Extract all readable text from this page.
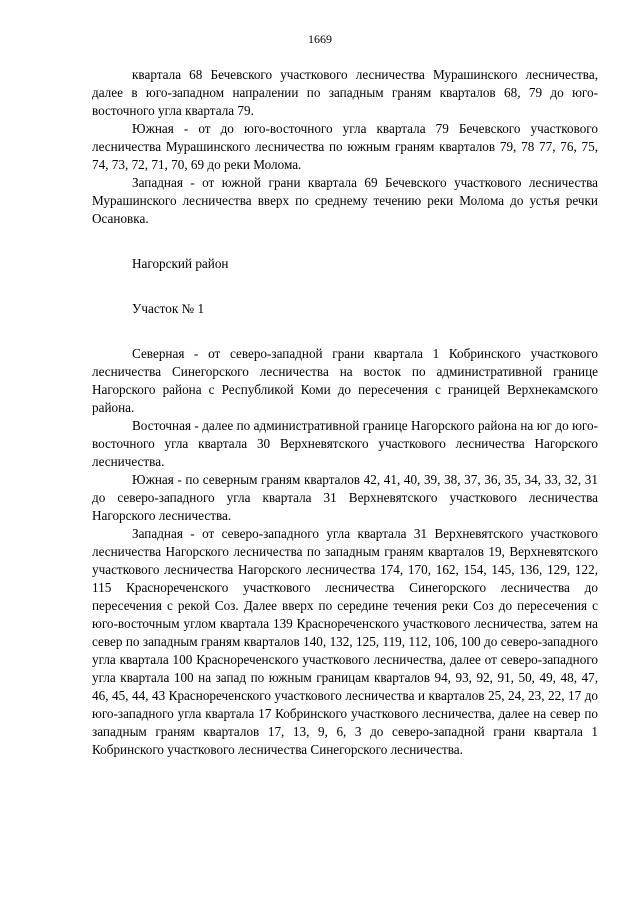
1669

квартала 68 Бечевского участкового лесничества Мурашинского лесничества, далее в юго-западном напралении по западным граням кварталов 68, 79 до юго-восточного угла квартала 79.

Южная - от до юго-восточного угла квартала 79 Бечевского участкового лесничества Мурашинского лесничества по южным граням кварталов 79, 78 77, 76, 75, 74, 73, 72, 71, 70, 69 до реки Молома.

Западная - от южной грани квартала 69 Бечевского участкового лесничества Мурашинского лесничества вверх по среднему течению реки Молома до устья речки Осановка.

Нагорский район

Участок № 1

Северная - от северо-западной грани квартала 1 Кобринского участкового лесничества Синегорского лесничества на восток по административной границе Нагорского района с Республикой Коми до пересечения с границей Верхнекамского района.

Восточная - далее по административной границе Нагорского района на юг до юго-восточного угла квартала 30 Верхневятского участкового лесничества Нагорского лесничества.

Южная - по северным граням кварталов 42, 41, 40, 39, 38, 37, 36, 35, 34, 33, 32, 31 до северо-западного угла квартала 31 Верхневятского участкового лесничества Нагорского лесничества.

Западная - от северо-западного угла квартала 31 Верхневятского участкового лесничества Нагорского лесничества по западным граням кварталов 19, Верхневятского участкового лесничества Нагорского лесничества 174, 170, 162, 154, 145, 136, 129, 122, 115 Краснореченского участкового лесничества Синегорского лесничества до пересечения с рекой Соз. Далее вверх по середине течения реки Соз до пересечения с юго-восточным углом квартала 139 Краснореченского участкового лесничества, затем на север по западным граням кварталов 140, 132, 125, 119, 112, 106, 100 до северо-западного угла квартала 100 Краснореченского участкового лесничества, далее от северо-западного угла квартала 100 на запад по южным границам кварталов 94, 93, 92, 91, 50, 49, 48, 47, 46, 45, 44, 43 Краснореченского участкового лесничества и кварталов 25, 24, 23, 22, 17 до юго-западного угла квартала 17 Кобринского участкового лесничества, далее на север по западным граням кварталов 17, 13, 9, 6, 3 до северо-западной грани квартала 1 Кобринского участкового лесничества Синегорского лесничества.
